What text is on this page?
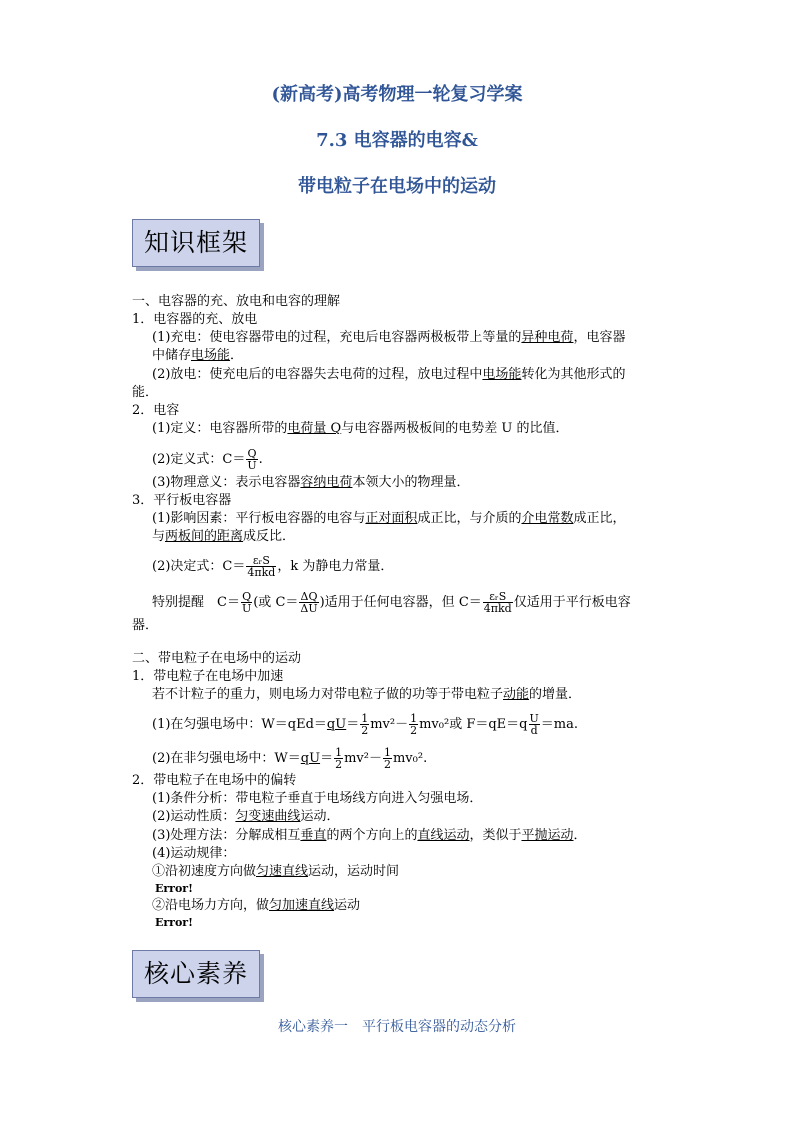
(新高考)高考物理一轮复习学案
7.3 电容器的电容&
带电粒子在电场中的运动
知识框架
一、电容器的充、放电和电容的理解
1．电容器的充、放电
(1)充电：使电容器带电的过程，充电后电容器两极板带上等量的异种电荷，电容器
中储存电场能．
(2)放电：使充电后的电容器失去电荷的过程，放电过程中电场能转化为其他形式的
能．
2．电容
(1)定义：电容器所带的电荷量 Q与电容器两极板间的电势差 U 的比值．
(2)定义式：$C= \frac{Q}{U}$ .
(3)物理意义：表示电容器容纳电荷本领大小的物理量．
3．平行板电容器
(1)影响因素：平行板电容器的电容与正对面积成正比，与介质的介电常数成正比，
与两板间的距离成反比．
(2)决定式：$C= \frac{\text{εᵣS}}{\text{4πkd}}$ ，k 为静电力常量．
特别提醒　$C= \frac{Q}{U}$ (或 $C= \frac{\Delta Q}{\Delta U}$ )适用于任何电容器，但 $C= \frac{\text{εᵣS}}{\text{4πkd}}$ 仅适用于平行板电容
器．
二、带电粒子在电场中的运动
1．带电粒子在电场中加速
若不计粒子的重力，则电场力对带电粒子做的功等于带电粒子动能的增量．
(1)在匀强电场中：$W=qEd=qU= \frac{1}{2} mv^2- \frac{1}{2} mv_0^2$或 $F=qE=q \frac{U}{d} =ma$.
(2)在非匀强电场中：$W=qU= \frac{1}{2} mv^2- \frac{1}{2} mv_0^2$.
2．带电粒子在电场中的偏转
(1)条件分析：带电粒子垂直于电场线方向进入匀强电场．
(2)运动性质：匀变速曲线运动．
(3)处理方法：分解成相互垂直的两个方向上的直线运动，类似于平抛运动．
(4)运动规律：
①沿初速度方向做匀速直线运动，运动时间
Error!
②沿电场力方向，做匀加速直线运动
Error!
核心素养
核心素养一　平行板电容器的动态分析
